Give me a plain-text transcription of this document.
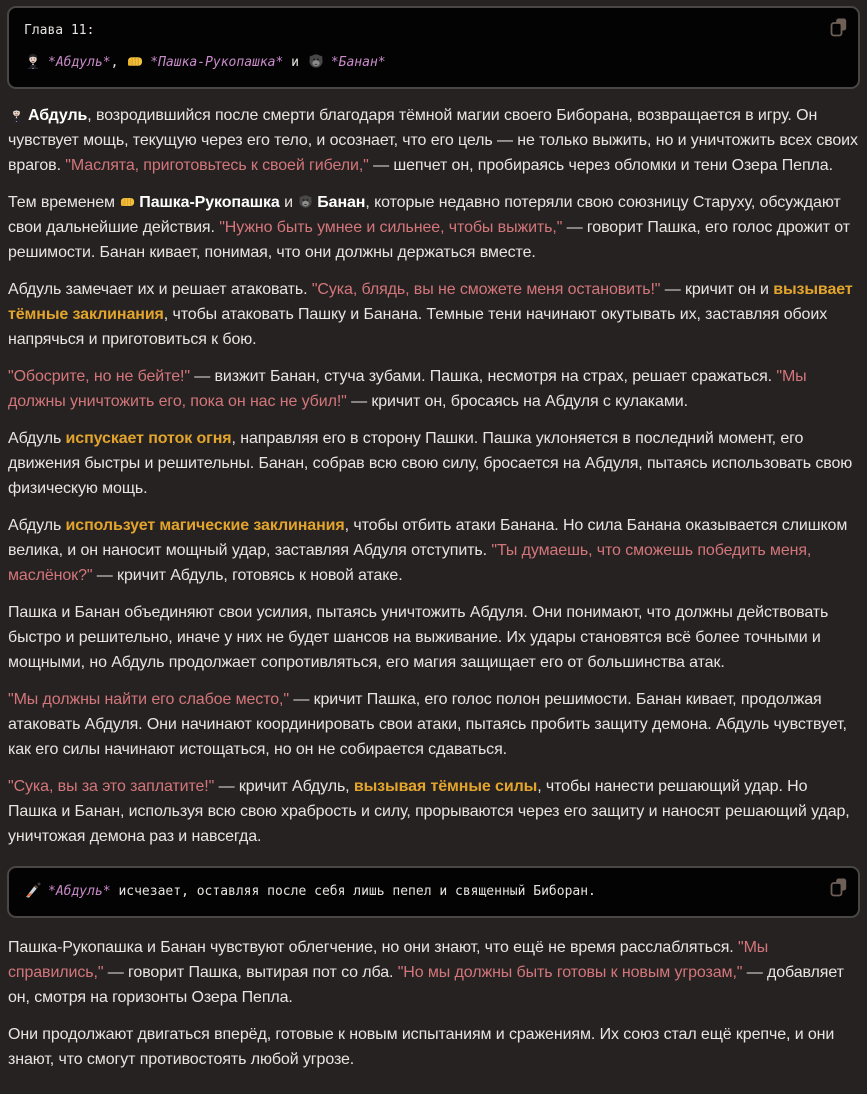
Глава 11:
*Абдуль*,
*Пашка-Рукопашка* и
*Банан*

Абдуль, возродившийся после смерти благодаря тёмной магии своего Биборана, возвращается в игру. Он чувствует мощь, текущую через его тело, и осознает, что его цель — не только выжить, но и уничтожить всех своих врагов. "Маслята, приготовьтесь к своей гибели," — шепчет он, пробираясь через обломки и тени Озера Пепла.

Тем временем
Пашка-Рукопашка и
Банан, которые недавно потеряли свою союзницу Старуху, обсуждают свои дальнейшие действия. "Нужно быть умнее и сильнее, чтобы выжить," — говорит Пашка, его голос дрожит от решимости. Банан кивает, понимая, что они должны держаться вместе.

Абдуль замечает их и решает атаковать. "Сука, блядь, вы не сможете меня остановить!" — кричит он и вызывает тёмные заклинания, чтобы атаковать Пашку и Банана. Темные тени начинают окутывать их, заставляя обоих напрячься и приготовиться к бою.

"Обосрите, но не бейте!" — визжит Банан, стуча зубами. Пашка, несмотря на страх, решает сражаться. "Мы должны уничтожить его, пока он нас не убил!" — кричит он, бросаясь на Абдуля с кулаками.

Абдуль испускает поток огня, направляя его в сторону Пашки. Пашка уклоняется в последний момент, его движения быстры и решительны. Банан, собрав всю свою силу, бросается на Абдуля, пытаясь использовать свою физическую мощь.

Абдуль использует магические заклинания, чтобы отбить атаки Банана. Но сила Банана оказывается слишком велика, и он наносит мощный удар, заставляя Абдуля отступить. "Ты думаешь, что сможешь победить меня, маслёнок?" — кричит Абдуль, готовясь к новой атаке.

Пашка и Банан объединяют свои усилия, пытаясь уничтожить Абдуля. Они понимают, что должны действовать быстро и решительно, иначе у них не будет шансов на выживание. Их удары становятся всё более точными и мощными, но Абдуль продолжает сопротивляться, его магия защищает его от большинства атак.

"Мы должны найти его слабое место," — кричит Пашка, его голос полон решимости. Банан кивает, продолжая атаковать Абдуля. Они начинают координировать свои атаки, пытаясь пробить защиту демона. Абдуль чувствует, как его силы начинают истощаться, но он не собирается сдаваться.

"Сука, вы за это заплатите!" — кричит Абдуль, вызывая тёмные силы, чтобы нанести решающий удар. Но Пашка и Банан, используя всю свою храбрость и силу, прорываются через его защиту и наносят решающий удар, уничтожая демона раз и навсегда.

*Абдуль* исчезает, оставляя после себя лишь пепел и священный Биборан.

Пашка-Рукопашка и Банан чувствуют облегчение, но они знают, что ещё не время расслабляться. "Мы справились," — говорит Пашка, вытирая пот со лба. "Но мы должны быть готовы к новым угрозам," — добавляет он, смотря на горизонты Озера Пепла.

Они продолжают двигаться вперёд, готовые к новым испытаниям и сражениям. Их союз стал ещё крепче, и они знают, что смогут противостоять любой угрозе.
